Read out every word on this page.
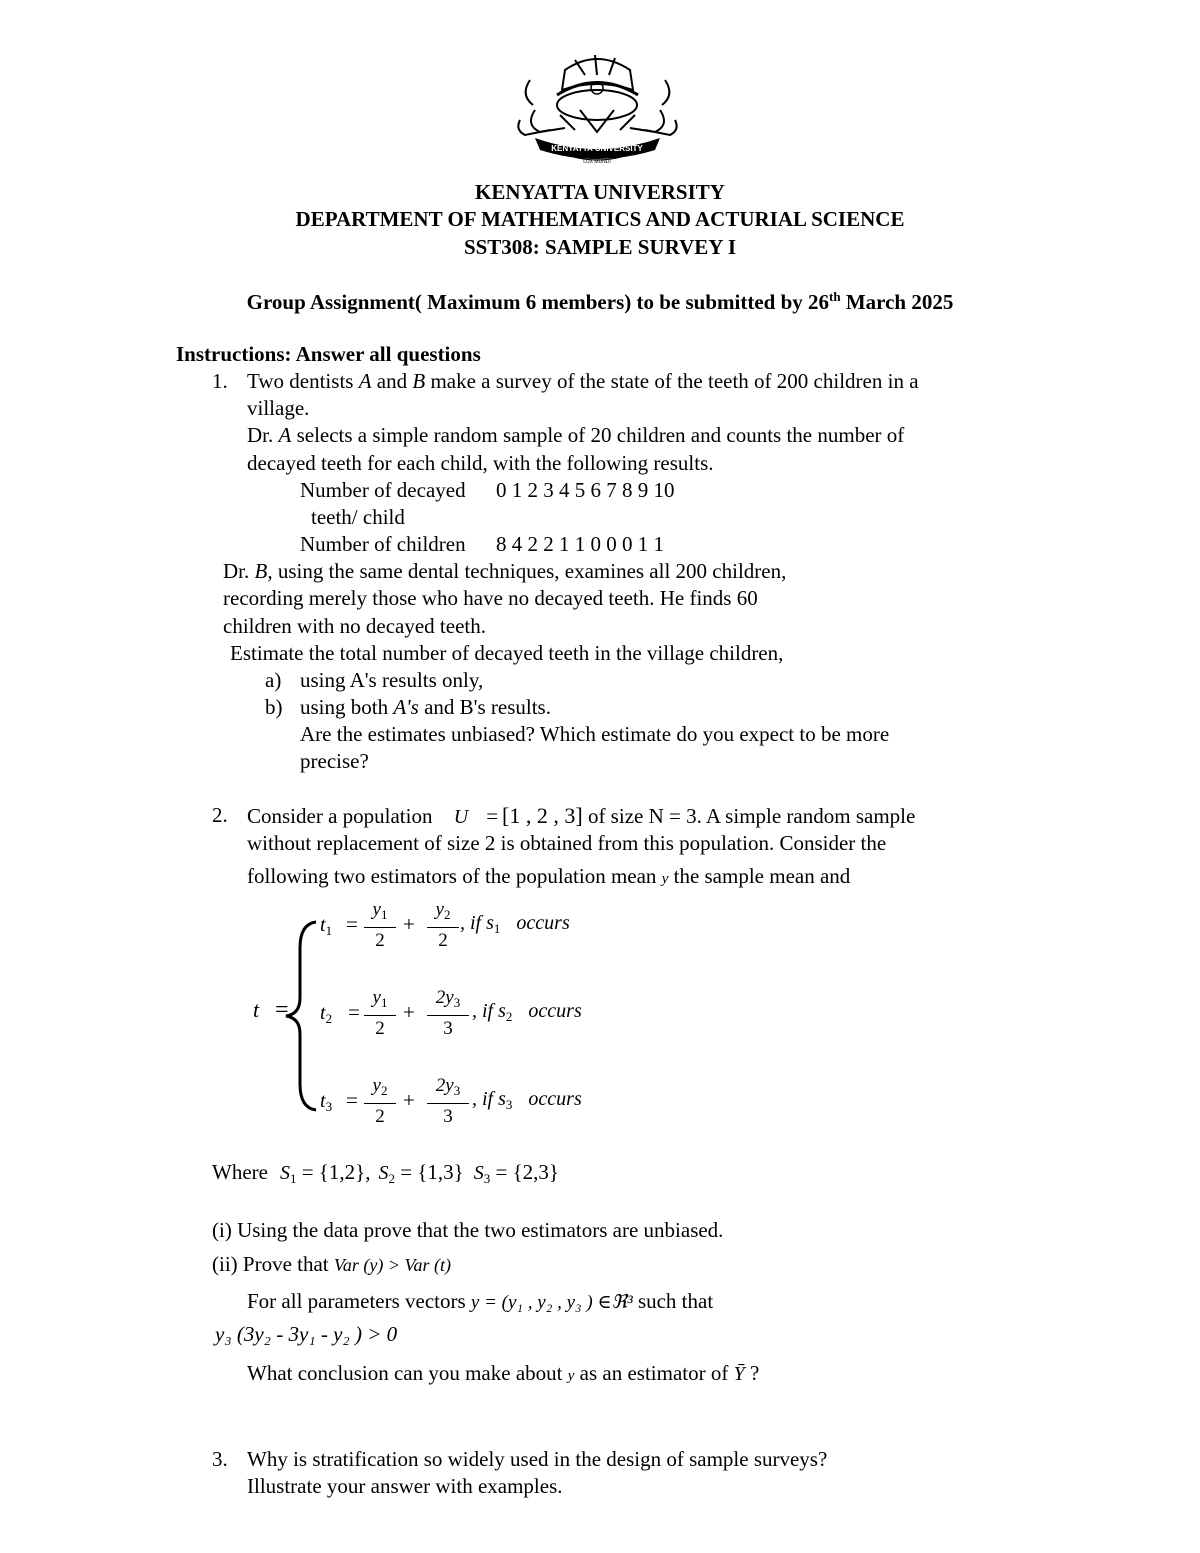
KENYATTA UNIVERSITY
LUX MUNDI
KENYATTA UNIVERSITY
DEPARTMENT OF MATHEMATICS AND ACTURIAL SCIENCE
SST308: SAMPLE SURVEY I
Group Assignment( Maximum 6 members) to be submitted by 26th March 2025
Instructions: Answer all questions
1. Two dentists A and B make a survey of the state of the teeth of 200 children in a
village.
Dr. A selects a simple random sample of 20 children and counts the number of
decayed teeth for each child, with the following results.
Number of decayed 0 1 2 3 4 5 6 7 8 9 10
teeth/ child
Number of children 8 4 2 2 1 1 0 0 0 1 1
Dr. B, using the same dental techniques, examines all 200 children,
recording merely those who have no decayed teeth. He finds 60
children with no decayed teeth.
Estimate the total number of decayed teeth in the village children,
a) using A's results only,
b) using both A's and B's results.
Are the estimates unbiased? Which estimate do you expect to be more
precise?
2. Consider a population U = [1 , 2 , 3] of size N = 3. A simple random sample
without replacement of size 2 is obtained from this population. Consider the
following two estimators of the population mean y the sample mean and
t =
$t_1 = \frac{y_1}{2} + \frac{y_2}{2}$ , if $s_1$ occurs
$t_2 = \frac{y_1}{2} + \frac{2y_3}{3}$ , if $s_2$ occurs
$t_3 = \frac{y_2}{2} + \frac{2y_3}{3}$ , if $s_3$ occurs
Where $S_1 = \{1,2\}$, $S_2 = \{1,3\} S_3 = \{2,3\}$
(i) Using the data prove that the two estimators are unbiased.
(ii) Prove that Var (y) > Var (t)
For all parameters vectors y = (y₁ , y₂ , y₃ ) ∈ℜ³ such that
y₃ (3y₂ - 3y₁ - y₂ ) > 0
What conclusion can you make about y as an estimator of Ȳ ?
3. Why is stratification so widely used in the design of sample surveys?
Illustrate your answer with examples.
